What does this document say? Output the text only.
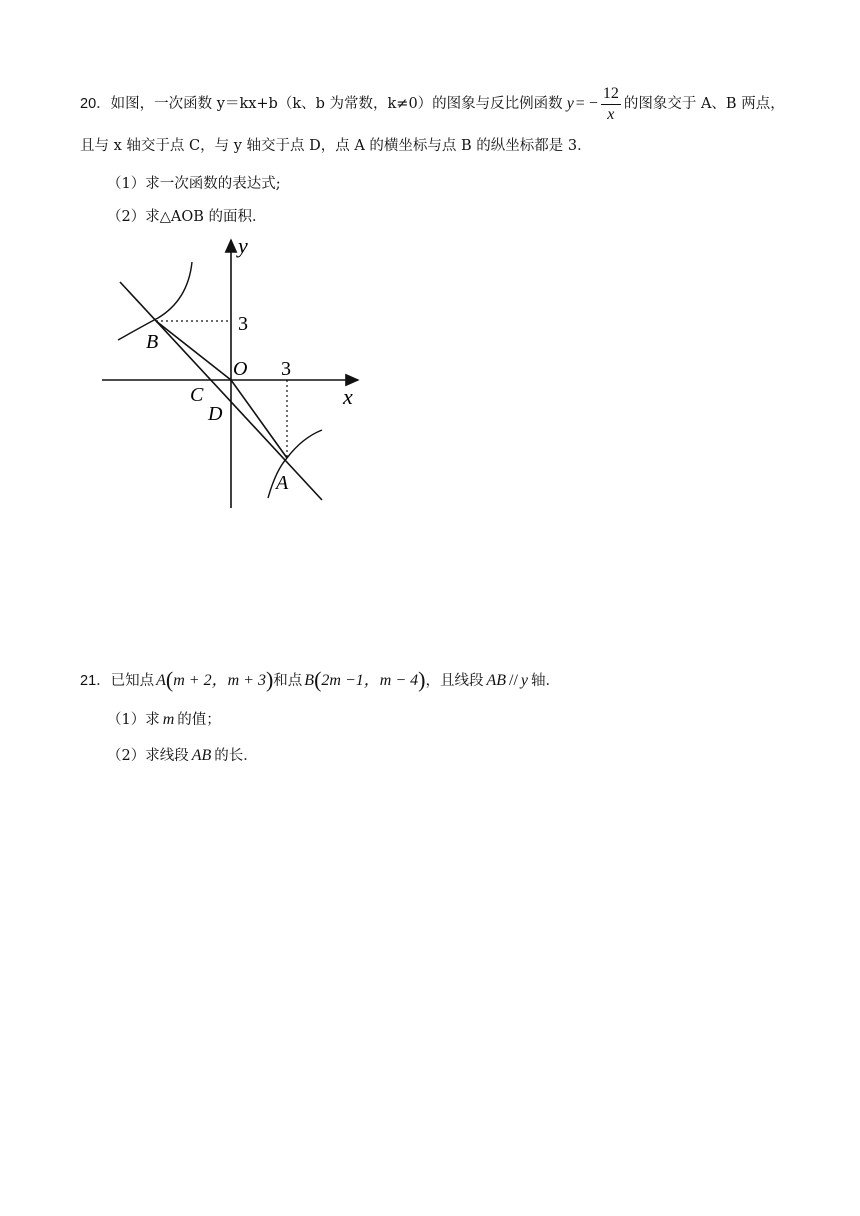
20．如图，一次函数 y＝kx+b（k、b 为常数，k≠0）的图象与反比例函数 y = − $\frac{12}{x}$ 的图象交于 A、B 两点，
且与 x 轴交于点 C，与 y 轴交于点 D，点 A 的横坐标与点 B 的纵坐标都是 3．
（1）求一次函数的表达式;
（2）求△AOB 的面积．
y
x
O
3
3
B
C
D
A
21．已知点 A(m + 2，m + 3)和点 B(2m −1，m − 4)，且线段 AB // y 轴．
（1）求 m 的值；
（2）求线段 AB 的长．
